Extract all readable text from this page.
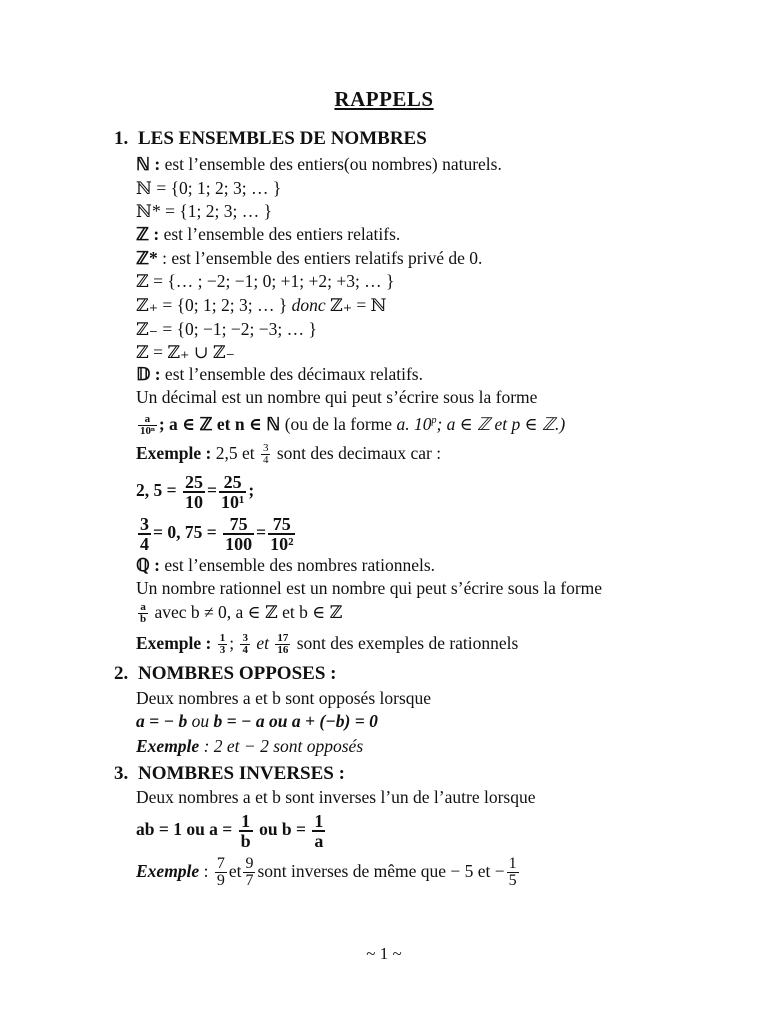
RAPPELS
1. LES ENSEMBLES DE NOMBRES
ℕ : est l’ensemble des entiers(ou nombres) naturels.
ℕ = {0; 1; 2; 3; … }
ℕ* = {1; 2; 3; … }
ℤ : est l’ensemble des entiers relatifs.
ℤ* : est l’ensemble des entiers relatifs privé de 0.
ℤ = {… ; −2; −1; 0; +1; +2; +3; … }
ℤ₊ = {0; 1; 2; 3; … } donc ℤ₊ = ℕ
ℤ₋ = {0; −1; −2; −3; … }
ℤ = ℤ₊ ∪ ℤ₋
𝔻 : est l’ensemble des décimaux relatifs.
Un décimal est un nombre qui peut s’écrire sous la forme
$\frac{a}{\text{10ⁿ}}$ ; a ∈ ℤ et n ∈ ℕ (ou de la forme a. 10$^p$; a ∈ ℤ et p ∈ ℤ.)
Exemple : 2,5 et $\frac{3}{4}$ sont des decimaux car :
2, $5 = \frac{25}{10} = \frac{25}{\text{10¹}}$ ;
$\frac{3}{4} = 0$, $75 = \frac{75}{100} = \frac{75}{\text{10²}}$
ℚ : est l’ensemble des nombres rationnels.
Un nombre rationnel est un nombre qui peut s’écrire sous la forme
$\frac{a}{b}$ avec b ≠ 0, a ∈ ℤ et b ∈ ℤ
Exemple : $\frac{1}{3}$ ; $\frac{3}{4}$ et $\frac{17}{16}$ sont des exemples de rationnels
2. NOMBRES OPPOSES :
Deux nombres a et b sont opposés lorsque
a = − b ou b = − a ou a + (−b) = 0
Exemple : 2 et − 2 sont opposés
3. NOMBRES INVERSES :
Deux nombres a et b sont inverses l’un de l’autre lorsque
ab = 1 ou $a = \frac{1}{b}$ ou $b = \frac{1}{a}$
Exemple : $\frac{7}{9}$ et $\frac{9}{7}$ sont inverses de même que − 5 et − $\frac{1}{5}$
~ 1 ~
